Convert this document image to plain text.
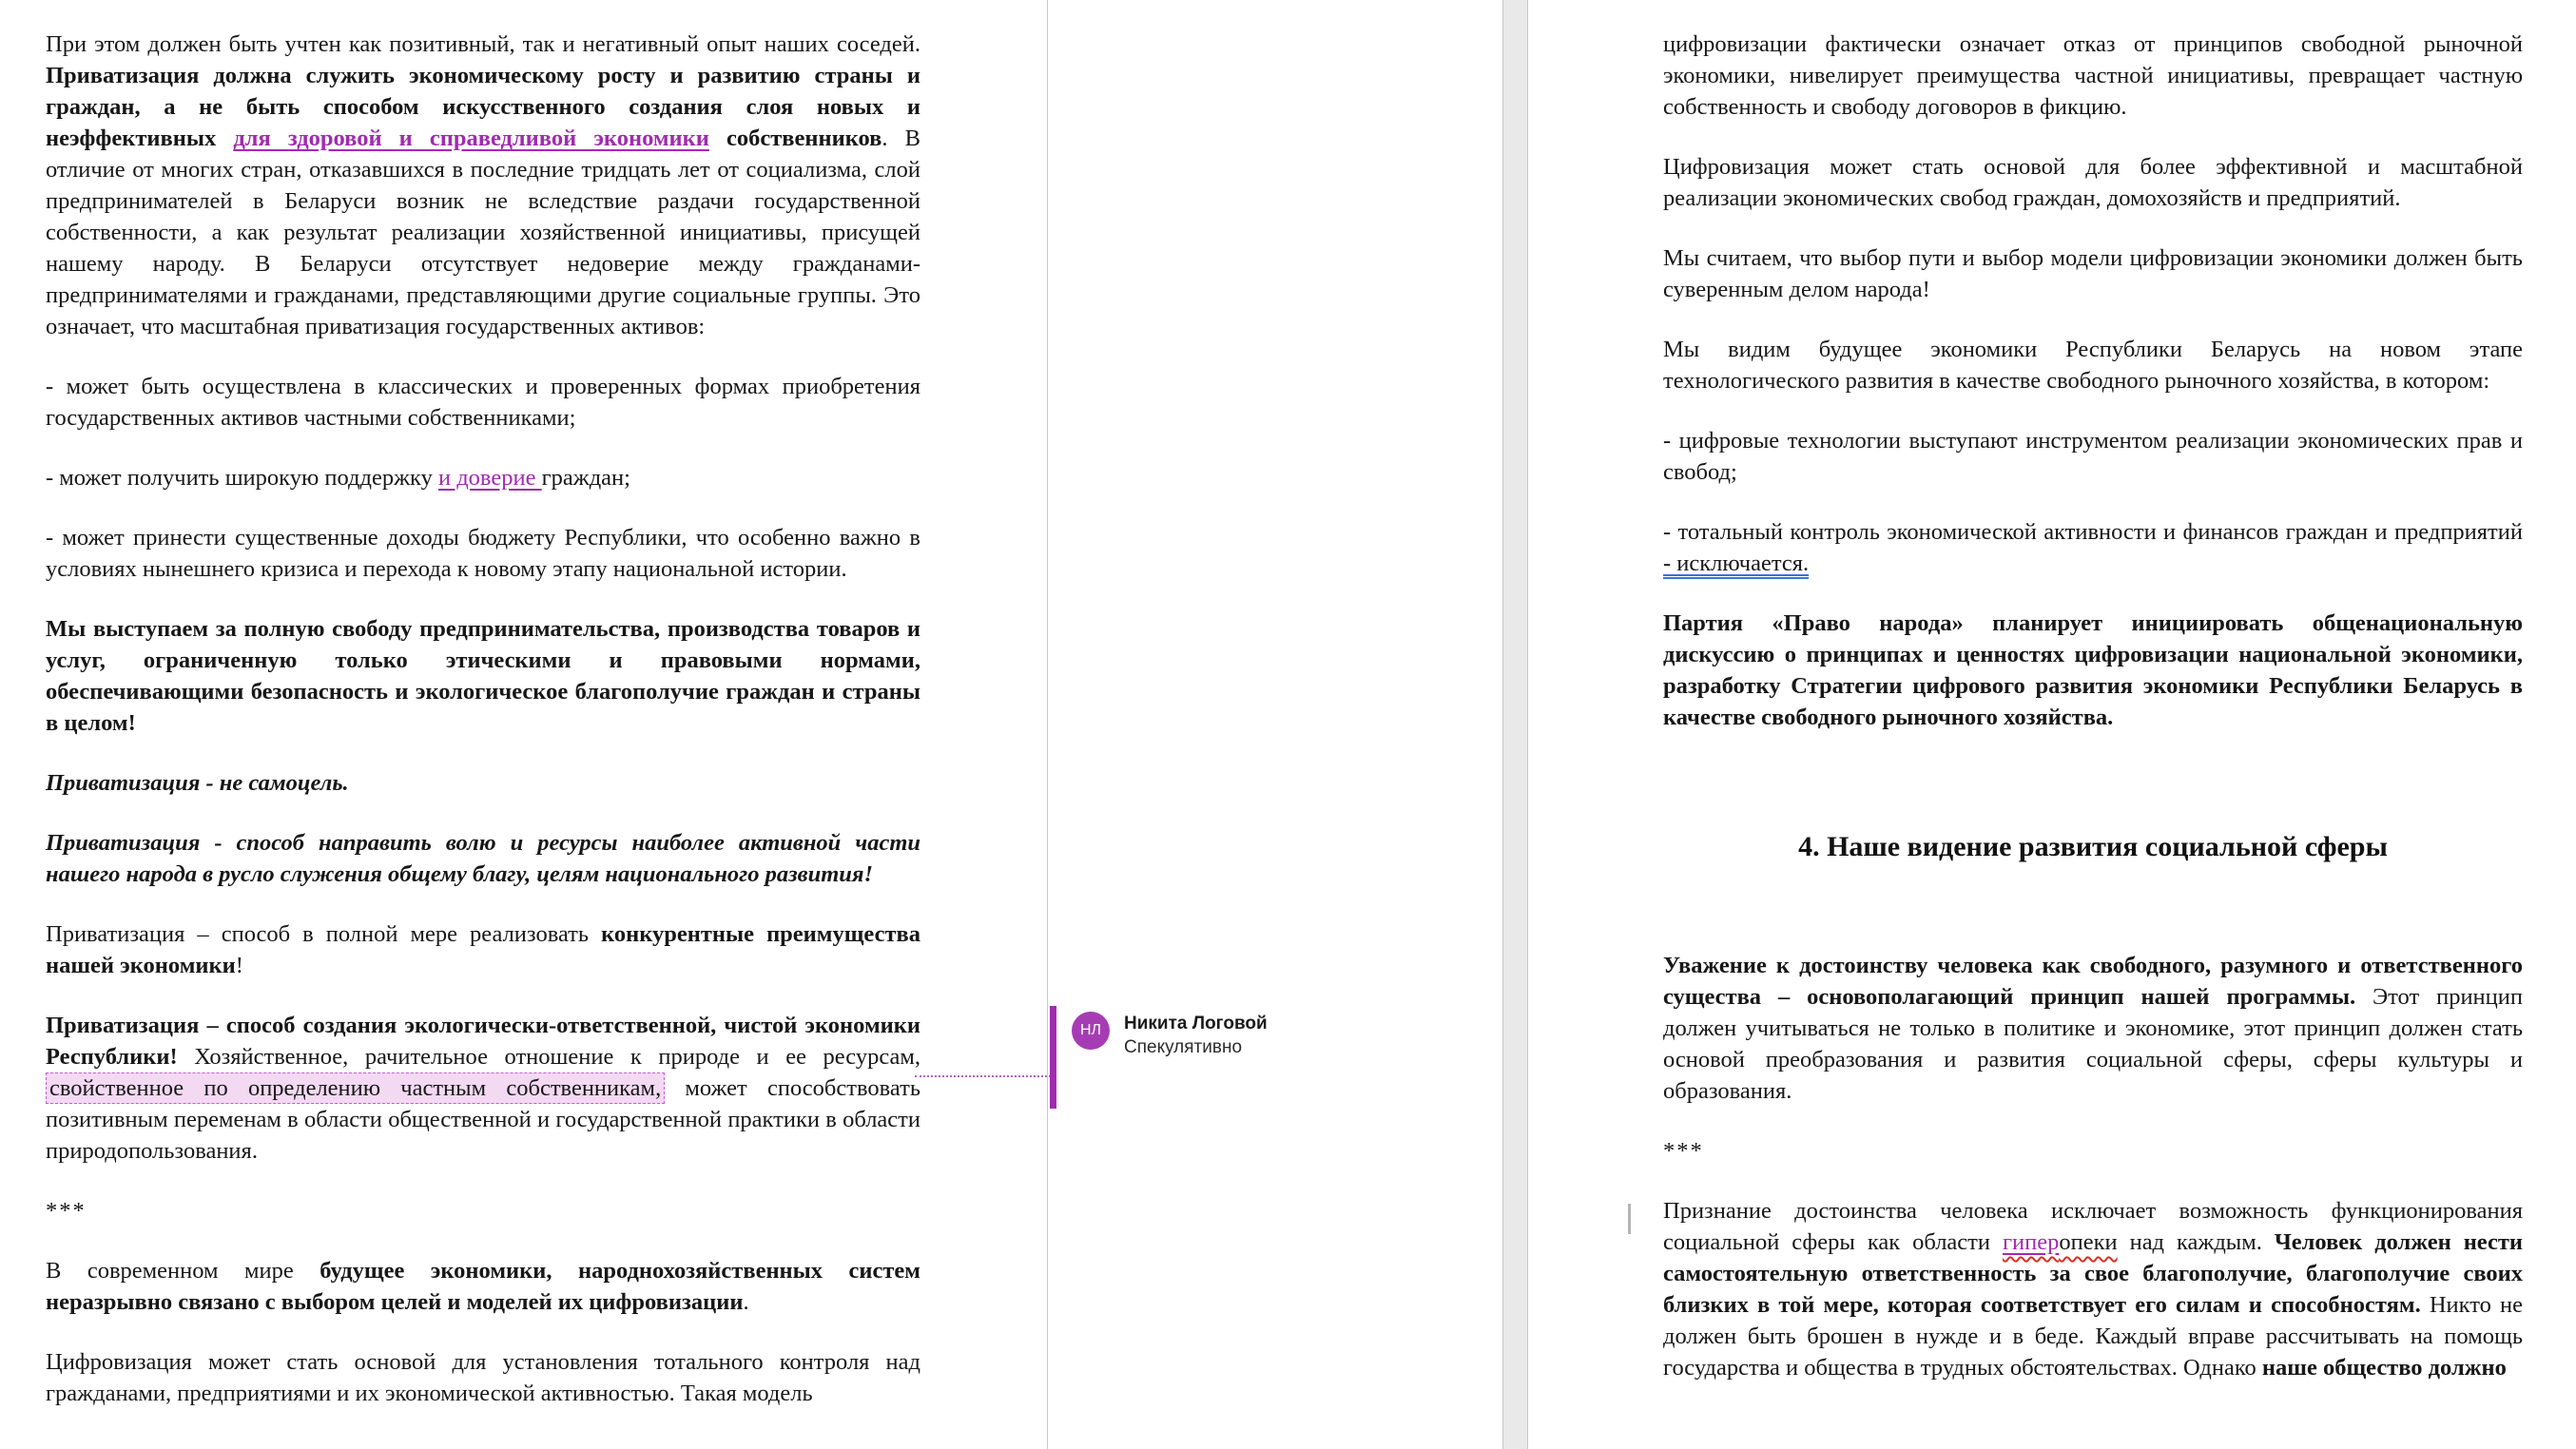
При этом должен быть учтен как позитивный, так и негативный опыт наших соседей. Приватизация должна служить экономическому росту и развитию страны и граждан, а не быть способом искусственного создания слоя новых и неэффективных для здоровой и справедливой экономики собственников. В отличие от многих стран, отказавшихся в последние тридцать лет от социализма, слой предпринимателей в Беларуси возник не вследствие раздачи государственной собственности, а как результат реализации хозяйственной инициативы, присущей нашему народу. В Беларуси отсутствует недоверие между гражданами-предпринимателями и гражданами, представляющими другие социальные группы. Это означает, что масштабная приватизация государственных активов:

- может быть осуществлена в классических и проверенных формах приобретения государственных активов частными собственниками;

- может получить широкую поддержку и доверие граждан;

- может принести существенные доходы бюджету Республики, что особенно важно в условиях нынешнего кризиса и перехода к новому этапу национальной истории.

Мы выступаем за полную свободу предпринимательства, производства товаров и услуг, ограниченную только этическими и правовыми нормами, обеспечивающими безопасность и экологическое благополучие граждан и страны в целом!

Приватизация - не самоцель.

Приватизация - способ направить волю и ресурсы наиболее активной части нашего народа в русло служения общему благу, целям национального развития!

Приватизация – способ в полной мере реализовать конкурентные преимущества нашей экономики!

Приватизация – способ создания экологически-ответственной, чистой экономики Республики! Хозяйственное, рачительное отношение к природе и ее ресурсам, свойственное по определению частным собственникам, может способствовать позитивным переменам в области общественной и государственной практики в области природопользования.

***

В современном мире будущее экономики, народнохозяйственных систем неразрывно связано с выбором целей и моделей их цифровизации.

Цифровизация может стать основой для установления тотального контроля над гражданами, предприятиями и их экономической активностью. Такая модель

НЛ	Никита Логовой
Спекулятивно

цифровизации фактически означает отказ от принципов свободной рыночной экономики, нивелирует преимущества частной инициативы, превращает частную собственность и свободу договоров в фикцию.

Цифровизация может стать основой для более эффективной и масштабной реализации экономических свобод граждан, домохозяйств и предприятий.

Мы считаем, что выбор пути и выбор модели цифровизации экономики должен быть суверенным делом народа!

Мы видим будущее экономики Республики Беларусь на новом этапе технологического развития в качестве свободного рыночного хозяйства, в котором:

- цифровые технологии выступают инструментом реализации экономических прав и свобод;

- тотальный контроль экономической активности и финансов граждан и предприятий - исключается.

Партия «Право народа» планирует инициировать общенациональную дискуссию о принципах и ценностях цифровизации национальной экономики, разработку Стратегии цифрового развития экономики Республики Беларусь в качестве свободного рыночного хозяйства.

4. Наше видение развития социальной сферы

Уважение к достоинству человека как свободного, разумного и ответственного существа – основополагающий принцип нашей программы. Этот принцип должен учитываться не только в политике и экономике, этот принцип должен стать основой преобразования и развития социальной сферы, сферы культуры и образования.

***

Признание достоинства человека исключает возможность функционирования социальной сферы как области гиперопеки над каждым. Человек должен нести самостоятельную ответственность за свое благополучие, благополучие своих близких в той мере, которая соответствует его силам и способностям. Никто не должен быть брошен в нужде и в беде. Каждый вправе рассчитывать на помощь государства и общества в трудных обстоятельствах. Однако наше общество должно
